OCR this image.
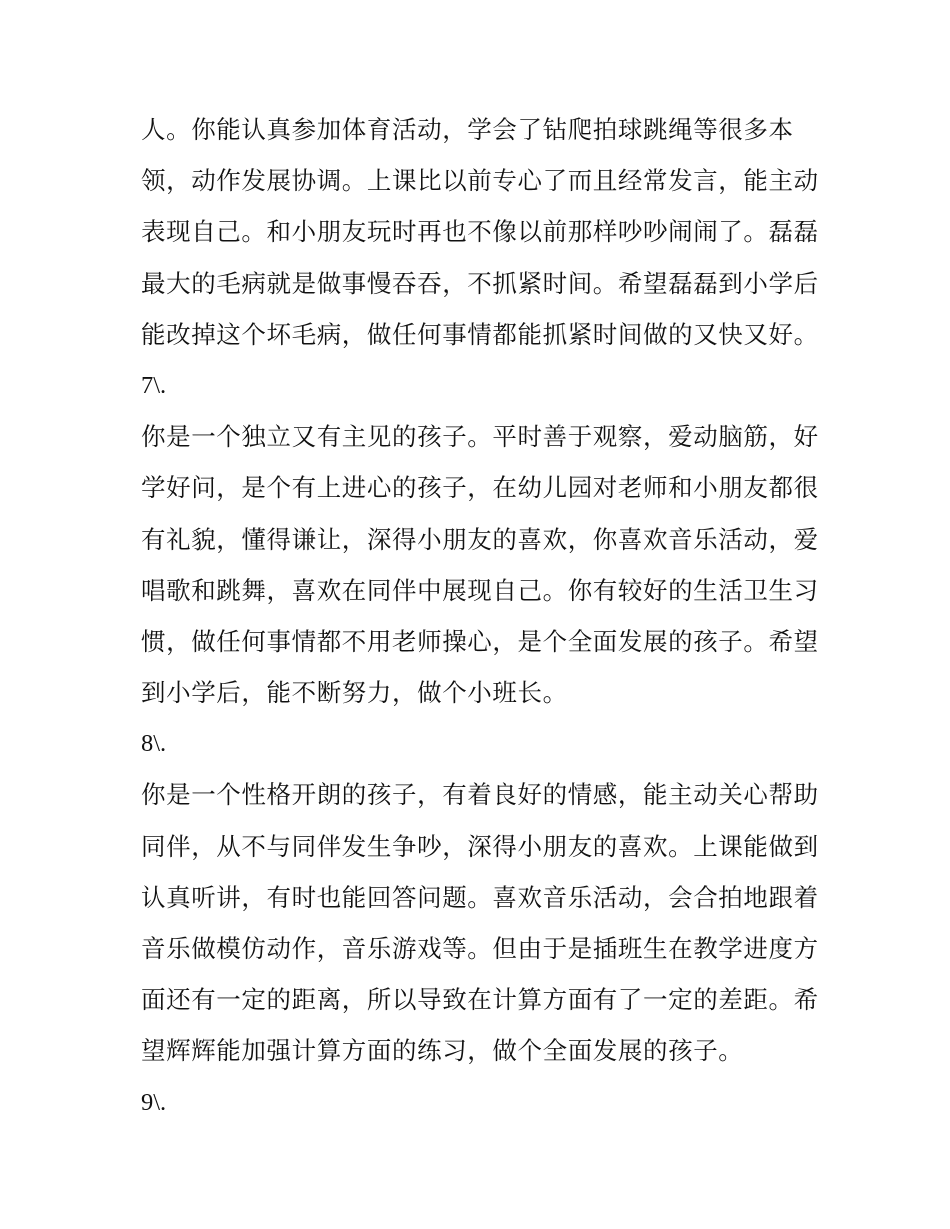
人。你能认真参加体育活动，学会了钻爬拍球跳绳等很多本
领，动作发展协调。上课比以前专心了而且经常发言，能主动
表现自己。和小朋友玩时再也不像以前那样吵吵闹闹了。磊磊
最大的毛病就是做事慢吞吞，不抓紧时间。希望磊磊到小学后
能改掉这个坏毛病，做任何事情都能抓紧时间做的又快又好。
7\.
你是一个独立又有主见的孩子。平时善于观察，爱动脑筋，好
学好问，是个有上进心的孩子，在幼儿园对老师和小朋友都很
有礼貌，懂得谦让，深得小朋友的喜欢，你喜欢音乐活动，爱
唱歌和跳舞，喜欢在同伴中展现自己。你有较好的生活卫生习
惯，做任何事情都不用老师操心，是个全面发展的孩子。希望
到小学后，能不断努力，做个小班长。
8\.
你是一个性格开朗的孩子，有着良好的情感，能主动关心帮助
同伴，从不与同伴发生争吵，深得小朋友的喜欢。上课能做到
认真听讲，有时也能回答问题。喜欢音乐活动，会合拍地跟着
音乐做模仿动作，音乐游戏等。但由于是插班生在教学进度方
面还有一定的距离，所以导致在计算方面有了一定的差距。希
望辉辉能加强计算方面的练习，做个全面发展的孩子。
9\.
